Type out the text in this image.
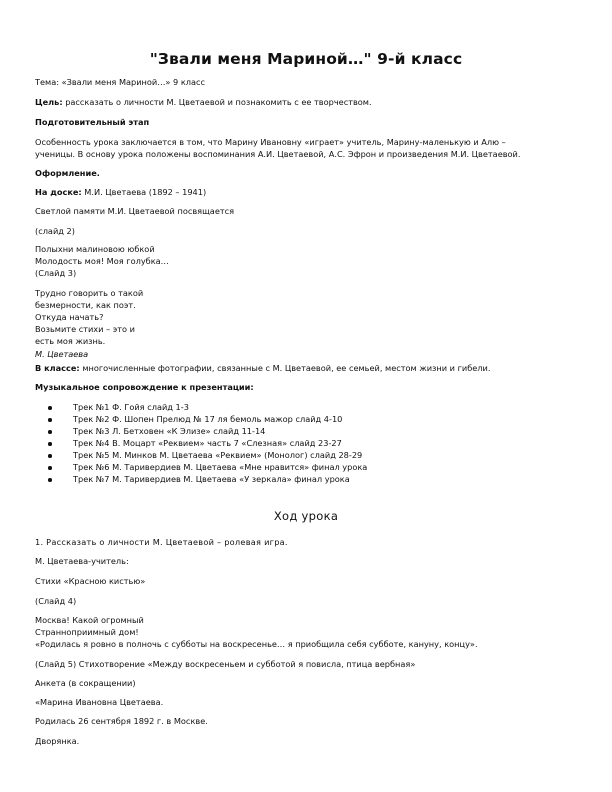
"Звали меня Мариной…" 9-й класс
Тема: «Звали меня Мариной…» 9 класс
Цель: рассказать о личности М. Цветаевой и познакомить с ее творчеством.
Подготовительный этап
Особенность урока заключается в том, что Марину Ивановну «играет» учитель, Марину-маленькую и Алю –
ученицы. В основу урока положены воспоминания А.И. Цветаевой, А.С. Эфрон и произведения М.И. Цветаевой.
Оформление.
На доске: М.И. Цветаева (1892 – 1941)
Светлой памяти М.И. Цветаевой посвящается
(слайд 2)
Полыхни малиновою юбкой
Молодость моя! Моя голубка…
(Слайд 3)
Трудно говорить о такой
безмерности, как поэт.
Откуда начать?
Возьмите стихи – это и
есть моя жизнь.
М. Цветаева
В классе: многочисленные фотографии, связанные с М. Цветаевой, ее семьей, местом жизни и гибели.
Музыкальное сопровождение к презентации:
Трек №1 Ф. Гойя слайд 1-3
Трек №2 Ф. Шопен Прелюд № 17 ля бемоль мажор слайд 4-10
Трек №3 Л. Бетховен «К Элизе» слайд 11-14
Трек №4 В. Моцарт «Реквием» часть 7 «Слезная» слайд 23-27
Трек №5 М. Минков М. Цветаева «Реквием» (Монолог) слайд 28-29
Трек №6 М. Таривердиев М. Цветаева «Мне нравится» финал урока
Трек №7 М. Таривердиев М. Цветаева «У зеркала» финал урока
Ход урока
1. Рассказать о личности М. Цветаевой – ролевая игра.
М. Цветаева-учитель:
Стихи «Красною кистью»
(Слайд 4)
Москва! Какой огромный
Странноприимный дом!
«Родилась я ровно в полночь с субботы на воскресенье… я приобщила себя субботе, кануну, концу».
(Слайд 5) Стихотворение «Между воскресеньем и субботой я повисла, птица вербная»
Анкета (в сокращении)
«Марина Ивановна Цветаева.
Родилась 26 сентября 1892 г. в Москве.
Дворянка.
